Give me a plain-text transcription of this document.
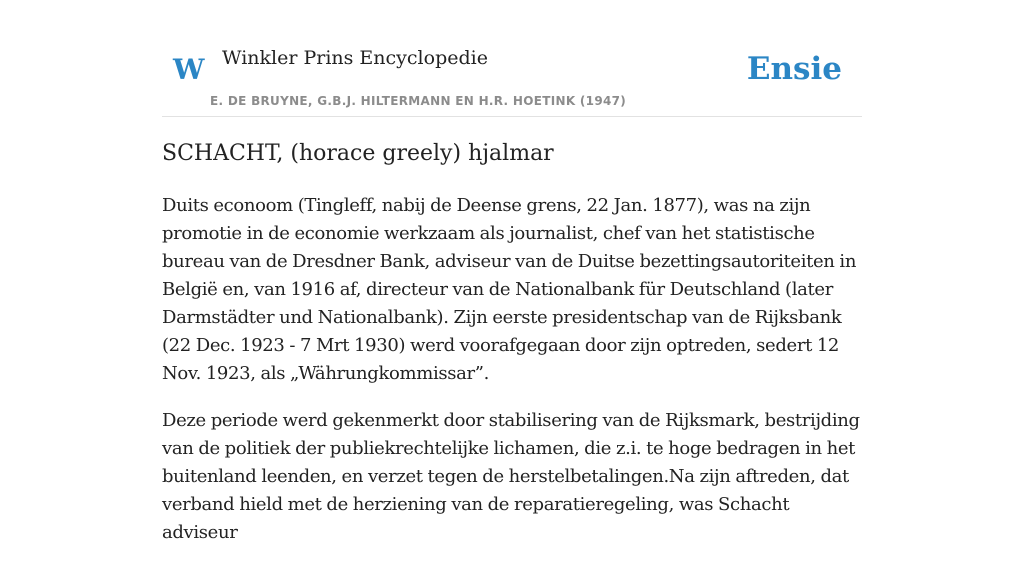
W Winkler Prins Encyclopedie
E. DE BRUYNE, G.B.J. HILTERMANN EN H.R. HOETINK (1947)
Ensie
SCHACHT, (horace greely) hjalmar

Duits econoom (Tingleff, nabij de Deense grens, 22 Jan. 1877), was na zijn promotie in de economie werkzaam als journalist, chef van het statistische bureau van de Dresdner Bank, adviseur van de Duitse bezettingsautoriteiten in België en, van 1916 af, directeur van de Nationalbank für Deutschland (later Darmstädter und Nationalbank). Zijn eerste presidentschap van de Rijksbank (22 Dec. 1923 - 7 Mrt 1930) werd voorafgegaan door zijn optreden, sedert 12 Nov. 1923, als „Währungkommissar”.

Deze periode werd gekenmerkt door stabilisering van de Rijksmark, bestrijding van de politiek der publiekrechtelijke lichamen, die z.i. te hoge bedragen in het buitenland leenden, en verzet tegen de herstelbetalingen.Na zijn aftreden, dat verband hield met de herziening van de reparatieregeling, was Schacht adviseur
